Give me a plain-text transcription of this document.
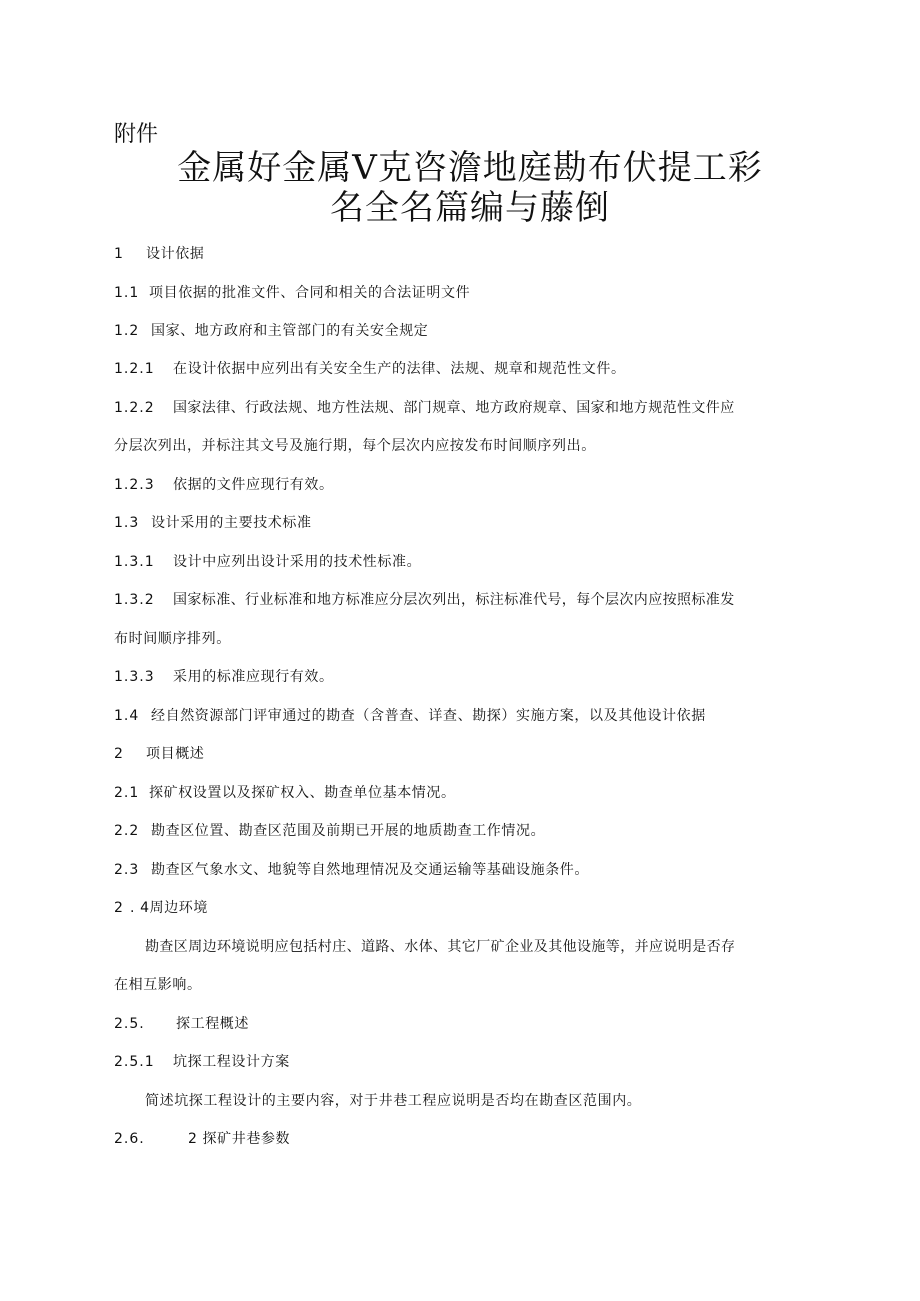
附件
金属好金属V克咨澹地庭勘布伏提工彩
名全名篇编与藤倒
1 设计依据
1.1 项目依据的批准文件、合同和相关的合法证明文件
1.2 国家、地方政府和主管部门的有关安全规定
1.2.1 在设计依据中应列出有关安全生产的法律、法规、规章和规范性文件。
1.2.2 国家法律、行政法规、地方性法规、部门规章、地方政府规章、国家和地方规范性文件应
分层次列出，并标注其文号及施行期，每个层次内应按发布时间顺序列出。
1.2.3 依据的文件应现行有效。
1.3 设计采用的主要技术标准
1.3.1 设计中应列出设计采用的技术性标准。
1.3.2 国家标准、行业标准和地方标准应分层次列出，标注标准代号，每个层次内应按照标准发
布时间顺序排列。
1.3.3 采用的标准应现行有效。
1.4 经自然资源部门评审通过的勘查（含普查、详查、勘探）实施方案，以及其他设计依据
2 项目概述
2.1 探矿权设置以及探矿权入、勘查单位基本情况。
2.2 勘查区位置、勘查区范围及前期已开展的地质勘查工作情况。
2.3 勘查区气象水文、地貌等自然地理情况及交通运输等基础设施条件。
2 . 4周边环境
勘查区周边环境说明应包括村庄、道路、水体、其它厂矿企业及其他设施等，并应说明是否存
在相互影响。
2.5. 探工程概述
2.5.1 坑探工程设计方案
简述坑探工程设计的主要内容，对于井巷工程应说明是否均在勘查区范围内。
2.6.	2 探矿井巷参数
